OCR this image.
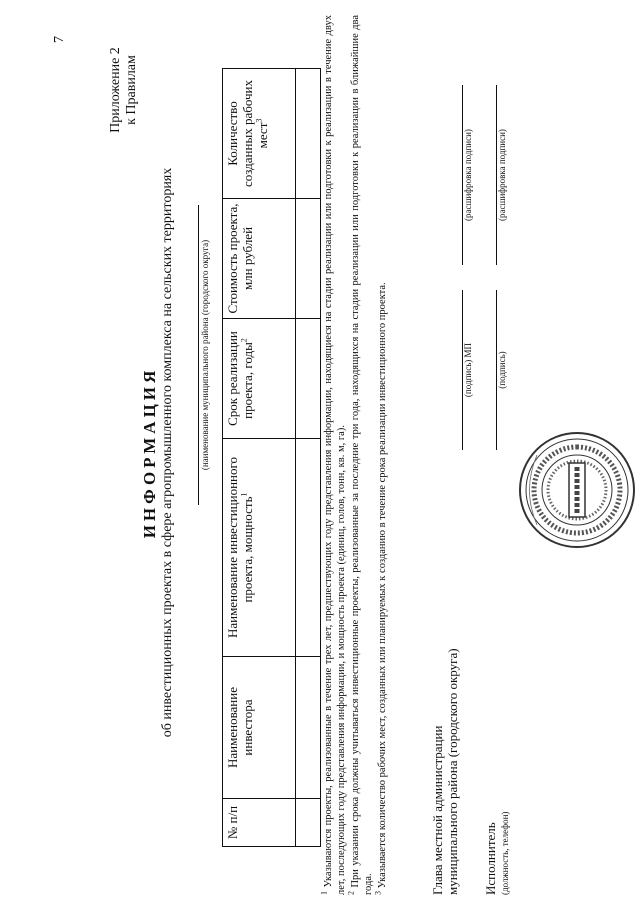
7
Приложение 2 к Правилам
ИНФОРМАЦИЯ об инвестиционных проектах в сфере агропромышленного комплекса на сельских территориях	(наименование муниципального района (городского округа)
№ п/п	Наименование инвестора	Наименование инвестиционного проекта, мощность$^1$	Срок реализации проекта, годы$^2$	Стоимость проекта, млн рублей	Количество созданных рабочих мест$^3$

$^1$ Указываются проекты, реализованные в течение трех лет, предшествующих году представления информации, находящиеся на стадии реализации или подготовки к реализации в течение двух лет, последующих году представления информации, и мощность проекта (единиц, голов, тонн, кв. м, га).

$^2$ При указании срока должны учитываться инвестиционные проекты, реализованные за последние три года, находящихся на стадии реализации или подготовки к реализации в ближайшие два года.

$^3$ Указывается количество рабочих мест, созданных или планируемых к созданию в течение срока реализации инвестиционного проекта.	Глава местной администрации муниципального района (городского округа)
(подпись) МП
(расшифровка подписи)
Исполнитель (должность, телефон)
(подпись)
(расшифровка подписи)
